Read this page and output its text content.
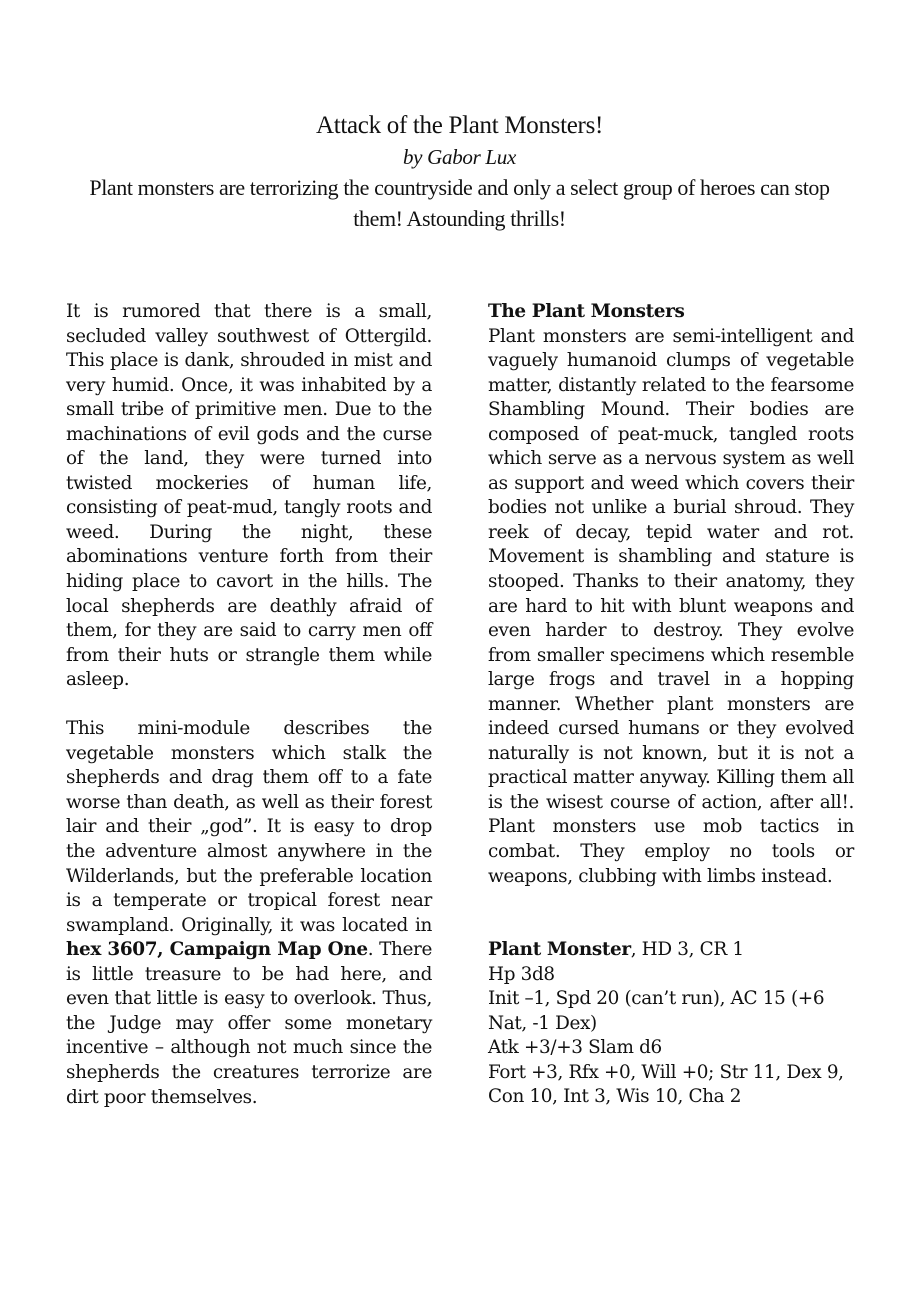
Attack of the Plant Monsters!
by Gabor Lux
Plant monsters are terrorizing the countryside and only a select group of heroes can stop them! Astounding thrills!

It is rumored that there is a small, secluded valley southwest of Ottergild. This place is dank, shrouded in mist and very humid. Once, it was inhabited by a small tribe of primitive men. Due to the machinations of evil gods and the curse of the land, they were turned into twisted mockeries of human life, consisting of peat-mud, tangly roots and weed. During the night, these abominations venture forth from their hiding place to cavort in the hills. The local shepherds are deathly afraid of them, for they are said to carry men off from their huts or strangle them while asleep.

This mini-module describes the vegetable monsters which stalk the shepherds and drag them off to a fate worse than death, as well as their forest lair and their „god”. It is easy to drop the adventure almost anywhere in the Wilderlands, but the preferable location is a temperate or tropical forest near swampland. Originally, it was located in hex 3607, Campaign Map One. There is little treasure to be had here, and even that little is easy to overlook. Thus, the Judge may offer some monetary incentive – although not much since the shepherds the creatures terrorize are dirt poor themselves.

The Plant Monsters

Plant monsters are semi-intelligent and vaguely humanoid clumps of vegetable matter, distantly related to the fearsome Shambling Mound. Their bodies are composed of peat-muck, tangled roots which serve as a nervous system as well as support and weed which covers their bodies not unlike a burial shroud. They reek of decay, tepid water and rot. Movement is shambling and stature is stooped. Thanks to their anatomy, they are hard to hit with blunt weapons and even harder to destroy. They evolve from smaller specimens which resemble large frogs and travel in a hopping manner. Whether plant monsters are indeed cursed humans or they evolved naturally is not known, but it is not a practical matter anyway. Killing them all is the wisest course of action, after all!. Plant monsters use mob tactics in combat. They employ no tools or weapons, clubbing with limbs instead.

Plant Monster, HD 3, CR 1

Hp 3d8

Init –1, Spd 20 (can’t run), AC 15 (+6 Nat, -1 Dex)

Atk +3/+3 Slam d6

Fort +3, Rfx +0, Will +0; Str 11, Dex 9, Con 10, Int 3, Wis 10, Cha 2
